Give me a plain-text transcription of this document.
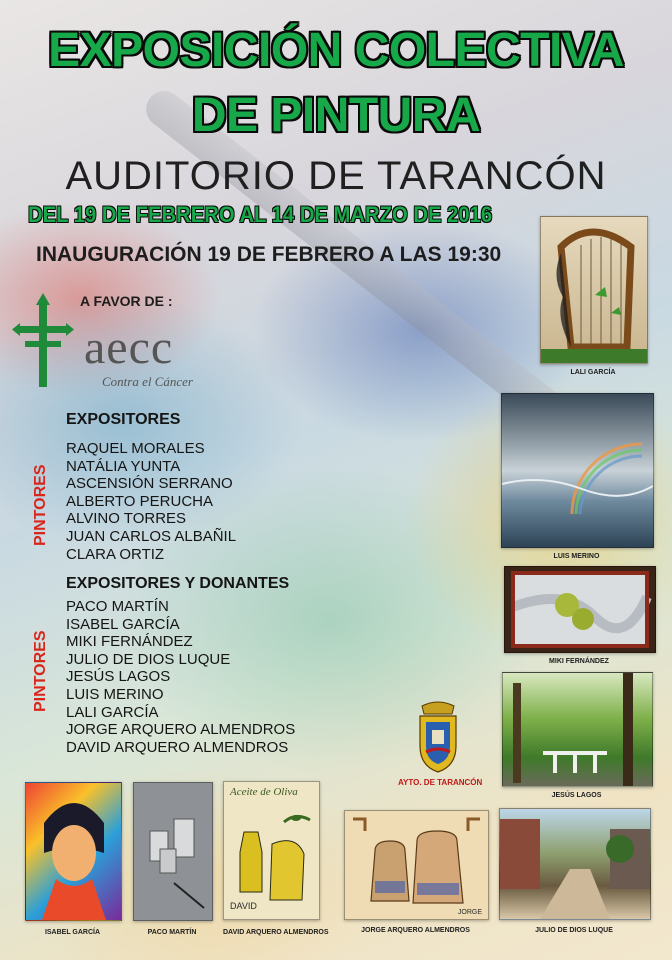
EXPOSICIÓN COLECTIVA
DE PINTURA
AUDITORIO DE TARANCÓN
DEL 19 DE FEBRERO AL 14 DE MARZO DE 2016
INAUGURACIÓN 19 DE FEBRERO A LAS 19:30
A FAVOR DE :
aecc
Contra el Cáncer
EXPOSITORES
RAQUEL MORALES
NATÁLIA YUNTA
ASCENSIÓN SERRANO
ALBERTO PERUCHA
ALVINO TORRES
JUAN CARLOS ALBAÑIL
CLARA ORTIZ
PINTORES
EXPOSITORES Y DONANTES
PACO MARTÍN
ISABEL GARCÍA
MIKI FERNÁNDEZ
JULIO DE DIOS LUQUE
JESÚS LAGOS
LUIS MERINO
LALI GARCÍA
JORGE ARQUERO ALMENDROS
DAVID ARQUERO ALMENDROS
PINTORES
AYTO. DE TARANCÓN
LALI GARCÍA
LUIS MERINO
MIKI FERNÁNDEZ
JESÚS LAGOS
ISABEL GARCÍA	PACO MARTÍN
Aceite de Oliva
DAVID
DAVID ARQUERO ALMENDROS
JORGE
JORGE ARQUERO ALMENDROS	JULIO DE DIOS LUQUE
